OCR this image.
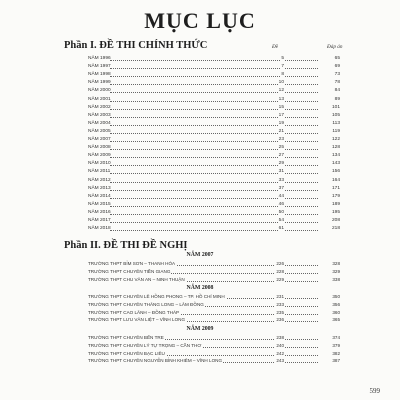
MỤC LỤC
Phần I. ĐỀ THI CHÍNH THỨC	Đề	Đáp án
NĂM 1996	5	65
NĂM 1997	7	69
NĂM 1998	8	73
NĂM 1999	10	78
NĂM 2000	12	84
NĂM 2001	13	89
NĂM 2002	15	101
NĂM 2003	17	105
NĂM 2004	19	113
NĂM 2005	21	119
NĂM 2007	23	122
NĂM 2008	25	128
NĂM 2009	27	134
NĂM 2010	29	143
NĂM 2011	31	156
NĂM 2012	33	164
NĂM 2013	37	171
NĂM 2014	44	179
NĂM 2015	46	189
NĂM 2016	50	195
NĂM 2017	54	208
NĂM 2018	61	218
Phần II. ĐỀ THI ĐỀ NGHỊ
NĂM 2007
TRƯỜNG THPT BỈM SƠN – THANH HÓA	226	328
TRƯỜNG THPT CHUYÊN TIỀN GIANG	228	329
TRƯỜNG THPT CHU VĂN AN – NINH THUẬN	229	338
NĂM 2008
TRƯỜNG THPT CHUYÊN LÊ HỒNG PHONG – TP. HỒ CHÍ MINH	231	350
TRƯỜNG THPT CHUYÊN THĂNG LONG – LÂM ĐỒNG	233	356
TRƯỜNG THPT CAO LÃNH – ĐỒNG THÁP	235	360
TRƯỜNG THPT LƯU VĂN LIỆT – VĨNH LONG	236	365
NĂM 2009
TRƯỜNG THPT CHUYÊN BẾN TRE	238	374
TRƯỜNG THPT CHUYÊN LÝ TỰ TRỌNG – CẦN THƠ	240	379
TRƯỜNG THPT CHUYÊN BẠC LIÊU	242	382
TRƯỜNG THPT CHUYÊN NGUYỄN BỈNH KHIÊM – VĨNH LONG	243	387
599
